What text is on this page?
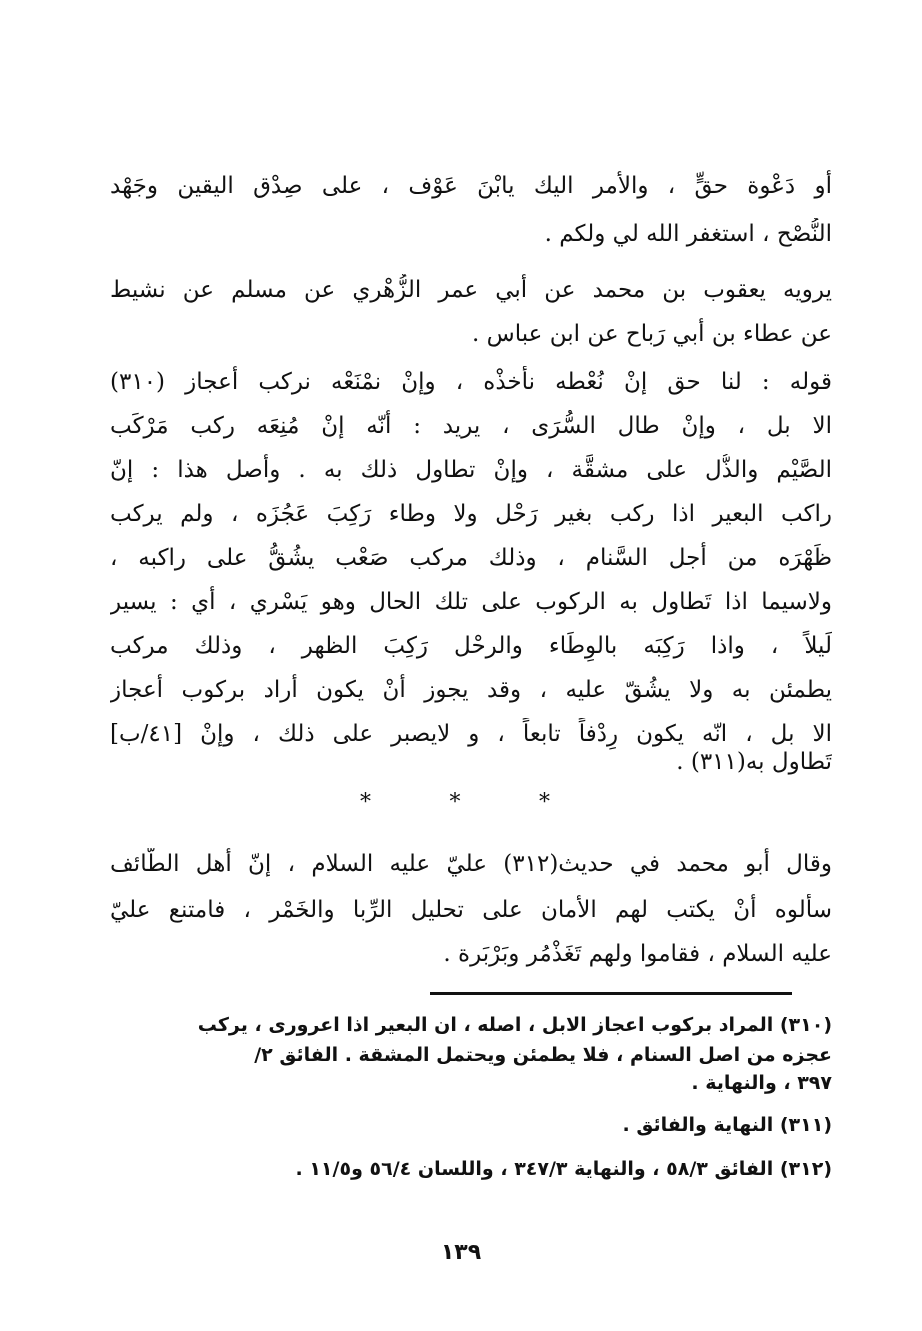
أو دَعْوة حقٍّ ، والأمر اليك يابْنَ عَوْف ، على صِدْق اليقين وجَهْد
النُّصْح ، استغفر الله لي ولكم .
يرويه يعقوب بن محمد عن أبي عمر الزُّهْري عن مسلم عن نشيط
عن عطاء بن أبي رَباح عن ابن عباس .
قوله : لنا حق إنْ نُعْطه نأخذْه ، وإنْ نمْنَعْه نركب أعجاز (٣١٠)
الا بل ، وإنْ طال السُّرَى ، يريد : أنّه إنْ مُنِعَه ركب مَرْكَب
الصَّيْم والذُّل على مشقَّة ، وإنْ تطاول ذلك به . وأصل هذا : إنّ
راكب البعير اذا ركب بغير رَحْل ولا وطاء رَكِبَ عَجُزَه ، ولم يركب
ظَهْرَه من أجل السَّنام ، وذلك مركب صَعْب يشُقُّ على راكبه ،
ولاسيما اذا تَطاول به الركوب على تلك الحال وهو يَسْري ، أي : يسير
لَيلاً ، واذا رَكِبَه بالوِطَاء والرحْل رَكِبَ الظهر ، وذلك مركب
يطمئن به ولا يشُقّ عليه ، وقد يجوز أنْ يكون أراد بركوب أعجاز
الا بل ، انّه يكون رِدْفاً تابعاً ، و لايصبر على ذلك ، وإنْ [٤١/ب]
تَطاول به(٣١١) .
*	*	*
وقال أبو محمد في حديث(٣١٢) عليّ عليه السلام ، إنّ أهل الطّائف
سألوه أنْ يكتب لهم الأمان على تحليل الرِّبا والخَمْر ، فامتنع عليّ
عليه السلام ، فقاموا ولهم تَغَذْمُر وبَرْبَرة .
(٣١٠) المراد بركوب اعجاز الابل ، اصله ، ان البعير اذا اعرورى ، يركب
عجزه من اصل السنام ، فلا يطمئن ويحتمل المشقة . الفائق ٢/
٣٩٧ ، والنهاية .
(٣١١) النهاية والفائق .
(٣١٢) الفائق ٥٨/٣ ، والنهاية ٣٤٧/٣ ، واللسان ٥٦/٤ و١١/٥ .
١٣٩
